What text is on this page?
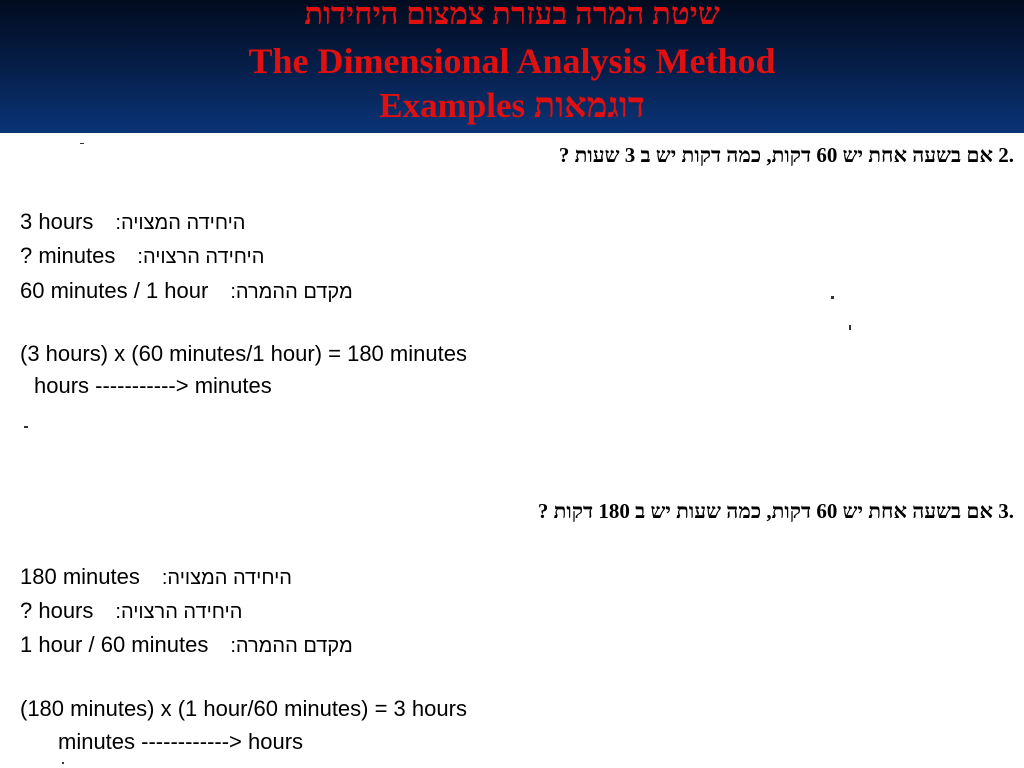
שיטת המרה בעזרת צמצום היחידות
The Dimensional Analysis Method
Examples דוגמאות
.2 אם בשעה אחת יש 60 דקות, כמה דקות יש ב 3 שעות ?
3 hours היחידה המצויה:
? minutes היחידה הרצויה:
60 minutes / 1 hour מקדם ההמרה:
(3 hours) x (60 minutes/1 hour) = 180 minutes
hours -----------> minutes
.3 אם בשעה אחת יש 60 דקות, כמה שעות יש ב 180 דקות ?
180 minutes היחידה המצויה:
? hours היחידה הרצויה:
1 hour / 60 minutes מקדם ההמרה:
(180 minutes) x (1 hour/60 minutes) = 3 hours
minutes ------------> hours
